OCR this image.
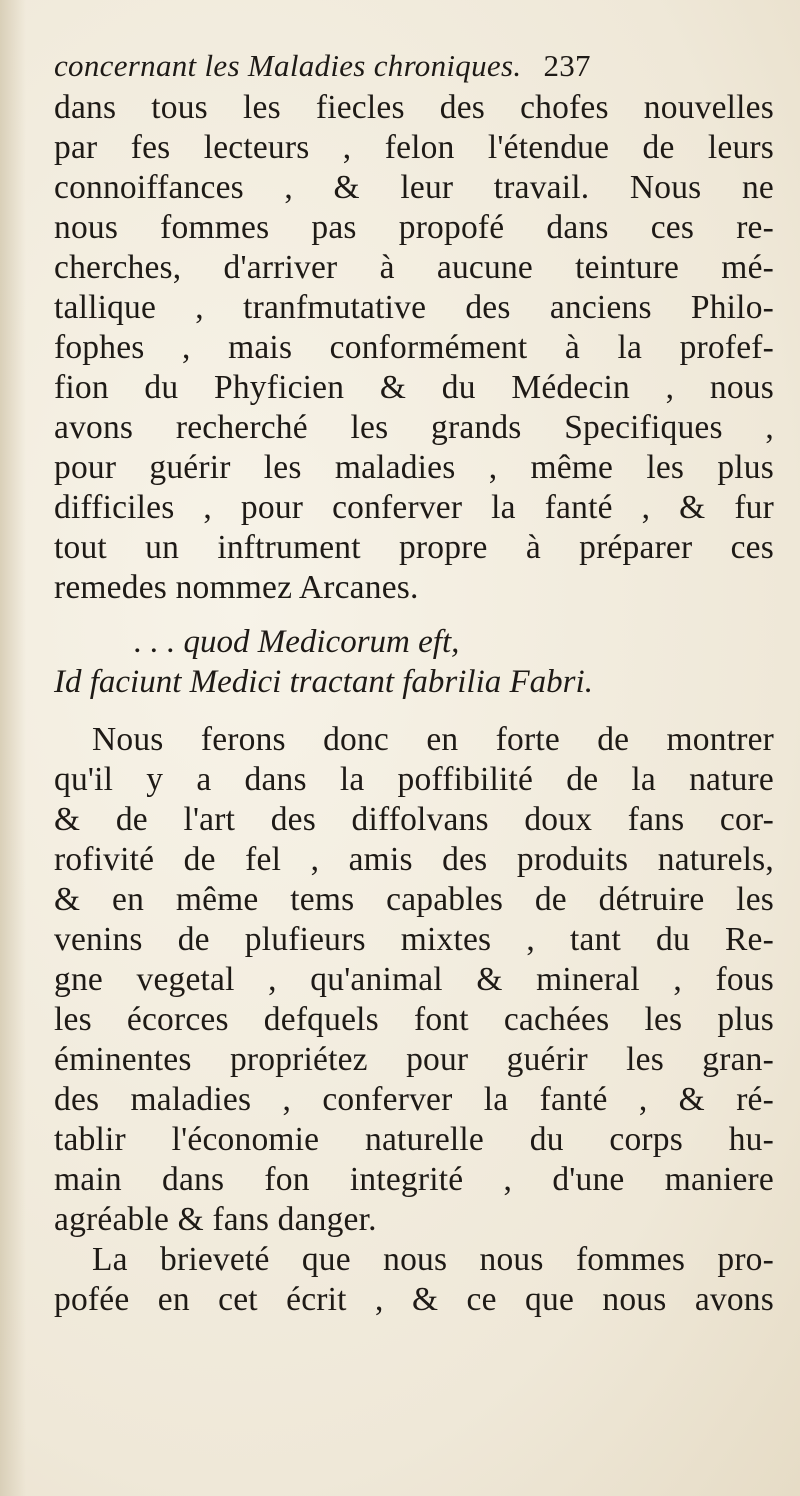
concernant les Maladies chroniques. 237
dans tous les fiecles des chofes nouvelles
par fes lecteurs , felon l'étendue de leurs
connoiffances , & leur travail. Nous ne
nous fommes pas propofé dans ces re-
cherches, d'arriver à aucune teinture mé-
tallique , tranfmutative des anciens Philo-
fophes , mais conformément à la profef-
fion du Phyficien & du Médecin , nous
avons recherché les grands Specifiques ,
pour guérir les maladies , même les plus
difficiles , pour conferver la fanté , & fur
tout un inftrument propre à préparer ces
remedes nommez Arcanes.
. . . quod Medicorum eft,
Id faciunt Medici tractant fabrilia Fabri.
Nous ferons donc en forte de montrer
qu'il y a dans la poffibilité de la nature
& de l'art des diffolvans doux fans cor-
rofivité de fel , amis des produits naturels,
& en même tems capables de détruire les
venins de plufieurs mixtes , tant du Re-
gne vegetal , qu'animal & mineral , fous
les écorces defquels font cachées les plus
éminentes propriétez pour guérir les gran-
des maladies , conferver la fanté , & ré-
tablir l'économie naturelle du corps hu-
main dans fon integrité , d'une maniere
agréable & fans danger.
La brieveté que nous nous fommes pro-
pofée en cet écrit , & ce que nous avons
